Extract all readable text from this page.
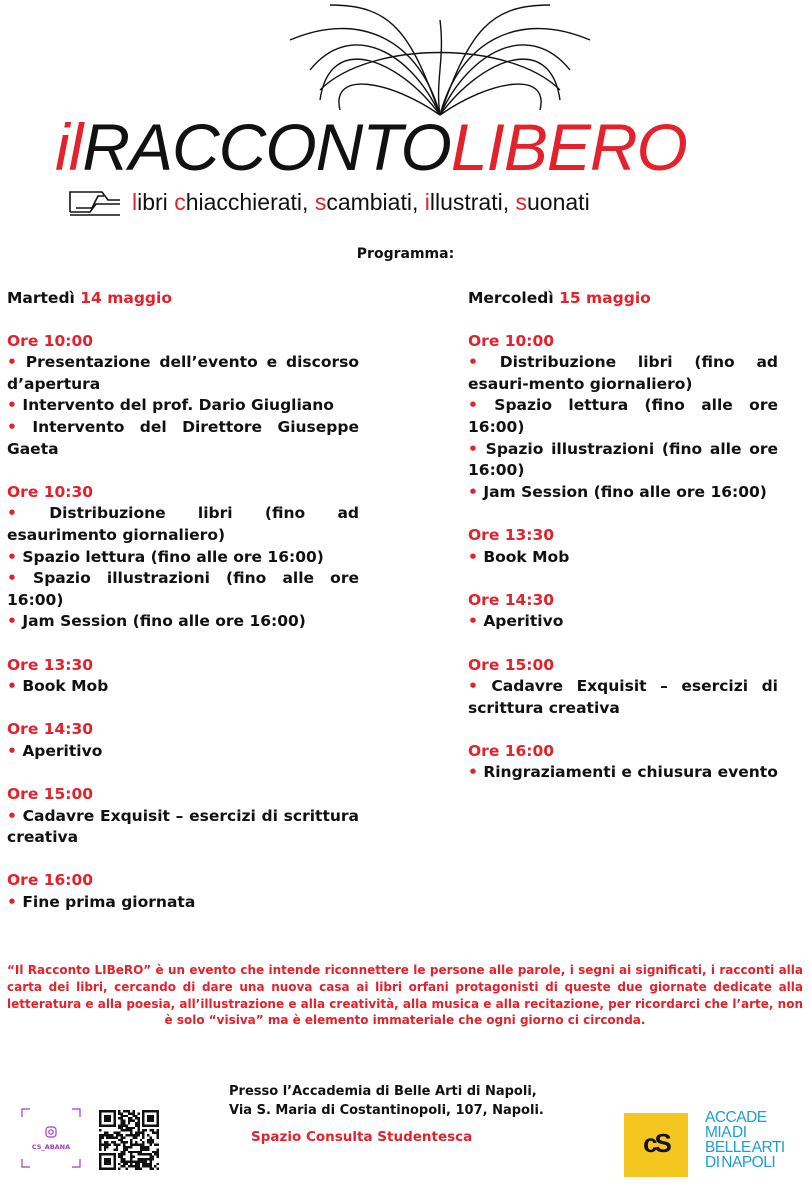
ilRACCONTOLIBERO
libri chiacchierati, scambiati, illustrati, suonati
Programma:
Martedì 14 maggio
Ore 10:00
• Presentazione dell’evento e discorso d’apertura
• Intervento del prof. Dario Giugliano
• Intervento del Direttore Giuseppe Gaeta
Ore 10:30
• Distribuzione libri (fino ad esaurimento giornaliero)
• Spazio lettura (fino alle ore 16:00)
• Spazio illustrazioni (fino alle ore 16:00)
• Jam Session (fino alle ore 16:00)
Ore 13:30
• Book Mob
Ore 14:30
• Aperitivo
Ore 15:00
• Cadavre Exquisit – esercizi di scrittura creativa
Ore 16:00
• Fine prima giornata
Mercoledì 15 maggio
Ore 10:00
• Distribuzione libri (fino ad esauri-mento giornaliero)
• Spazio lettura (fino alle ore 16:00)
• Spazio illustrazioni (fino alle ore 16:00)
• Jam Session (fino alle ore 16:00)
Ore 13:30
• Book Mob
Ore 14:30
• Aperitivo
Ore 15:00
• Cadavre Exquisit – esercizi di scrittura creativa
Ore 16:00
• Ringraziamenti e chiusura evento
“Il Racconto LIBeRO” è un evento che intende riconnettere le persone alle parole, i segni ai significati, i racconti alla carta dei libri, cercando di dare una nuova casa ai libri orfani protagonisti di queste due giornate dedicate alla letteratura e alla poesia, all’illustrazione e alla creatività, alla musica e alla recitazione, per ricordarci che l’arte, non è solo “visiva” ma è elemento immateriale che ogni giorno ci circonda.
Presso l’Accademia di Belle Arti di Napoli,
Via S. Maria di Costantinopoli, 107, Napoli.
Spazio Consulta Studentesca
CS_ABANA	cS
ACCADE
MIA DI
BELLE ARTI
DI NAPOLI
